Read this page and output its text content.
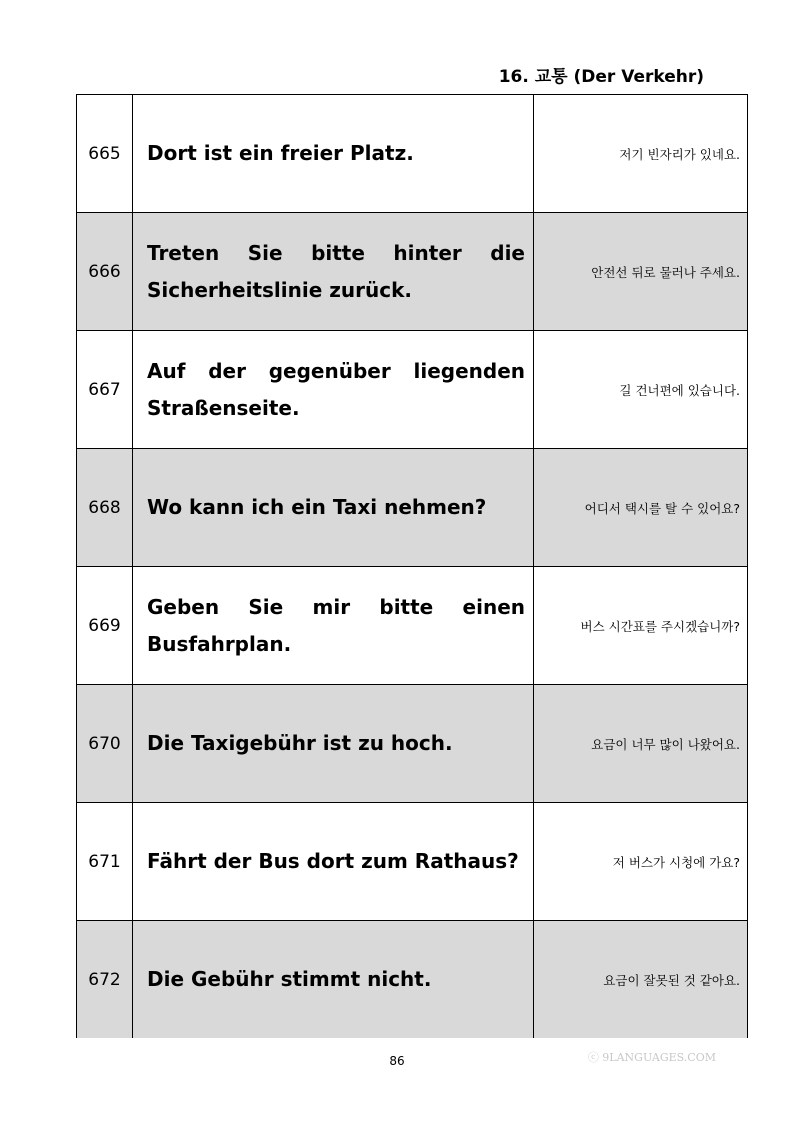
16. 교통 (Der Verkehr)
665	Dort ist ein freier Platz.	저기 빈자리가 있네요.
666	Treten Sie bitte hinter die Sicherheitslinie zurück.	안전선 뒤로 물러나 주세요.
667	Auf der gegenüber liegenden Straßenseite.	길 건너편에 있습니다.
668	Wo kann ich ein Taxi nehmen?	어디서 택시를 탈 수 있어요?
669	Geben Sie mir bitte einen Busfahrplan.	버스 시간표를 주시겠습니까?
670	Die Taxigebühr ist zu hoch.	요금이 너무 많이 나왔어요.
671	Fährt der Bus dort zum Rathaus?	저 버스가 시청에 가요?
672	Die Gebühr stimmt nicht.	요금이 잘못된 것 같아요.
ⓒ 9LANGUAGES.COM
86
